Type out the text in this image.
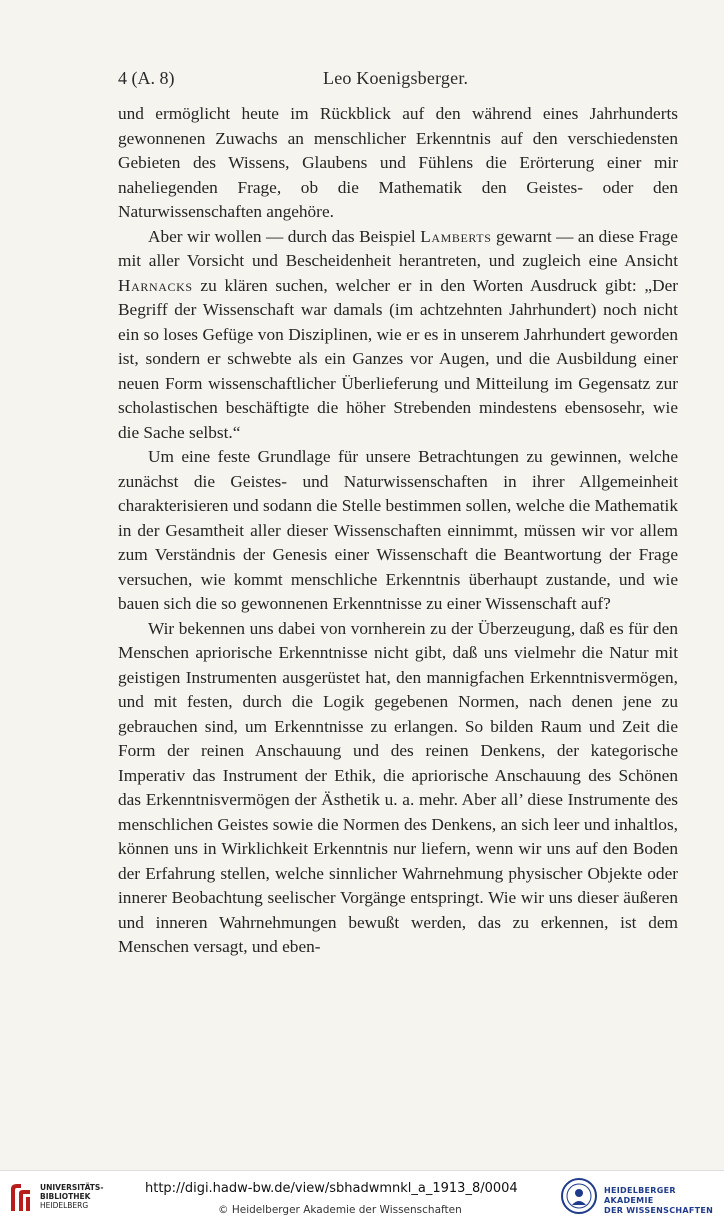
4 (A. 8)	Leo Koenigsberger.

und ermöglicht heute im Rückblick auf den während eines Jahrhunderts gewonnenen Zuwachs an menschlicher Erkenntnis auf den verschiedensten Gebieten des Wissens, Glaubens und Fühlens die Erörterung einer mir naheliegenden Frage, ob die Mathematik den Geistes- oder den Naturwissenschaften angehöre.

Aber wir wollen — durch das Beispiel Lamberts gewarnt — an diese Frage mit aller Vorsicht und Bescheidenheit herantreten, und zugleich eine Ansicht Harnacks zu klären suchen, welcher er in den Worten Ausdruck gibt: „Der Begriff der Wissenschaft war damals (im achtzehnten Jahrhundert) noch nicht ein so loses Gefüge von Disziplinen, wie er es in unserem Jahrhundert geworden ist, sondern er schwebte als ein Ganzes vor Augen, und die Ausbildung einer neuen Form wissenschaftlicher Überlieferung und Mitteilung im Gegensatz zur scholastischen beschäftigte die höher Strebenden mindestens ebensosehr, wie die Sache selbst.“

Um eine feste Grundlage für unsere Betrachtungen zu gewinnen, welche zunächst die Geistes- und Naturwissenschaften in ihrer Allgemeinheit charakterisieren und sodann die Stelle bestimmen sollen, welche die Mathematik in der Gesamtheit aller dieser Wissenschaften einnimmt, müssen wir vor allem zum Verständnis der Genesis einer Wissenschaft die Beantwortung der Frage versuchen, wie kommt menschliche Erkenntnis überhaupt zustande, und wie bauen sich die so gewonnenen Erkenntnisse zu einer Wissenschaft auf?

Wir bekennen uns dabei von vornherein zu der Überzeugung, daß es für den Menschen apriorische Erkenntnisse nicht gibt, daß uns vielmehr die Natur mit geistigen Instrumenten ausgerüstet hat, den mannigfachen Erkenntnisvermögen, und mit festen, durch die Logik gegebenen Normen, nach denen jene zu gebrauchen sind, um Erkenntnisse zu erlangen. So bilden Raum und Zeit die Form der reinen Anschauung und des reinen Denkens, der kategorische Imperativ das Instrument der Ethik, die apriorische Anschauung des Schönen das Erkenntnisvermögen der Ästhetik u. a. mehr. Aber all’ diese Instrumente des menschlichen Geistes sowie die Normen des Denkens, an sich leer und inhaltlos, können uns in Wirklichkeit Erkenntnis nur liefern, wenn wir uns auf den Boden der Erfahrung stellen, welche sinnlicher Wahrnehmung physischer Objekte oder innerer Beobachtung seelischer Vorgänge entspringt. Wie wir uns dieser äußeren und inneren Wahrnehmungen bewußt werden, das zu erkennen, ist dem Menschen versagt, und eben-

UNIVERSITÄTS-
BIBLIOTHEK
HEIDELBERG
http://digi.hadw-bw.de/view/sbhadwmnkl_a_1913_8/0004
© Heidelberger Akademie der Wissenschaften
HEIDELBERGER AKADEMIE
DER WISSENSCHAFTEN
